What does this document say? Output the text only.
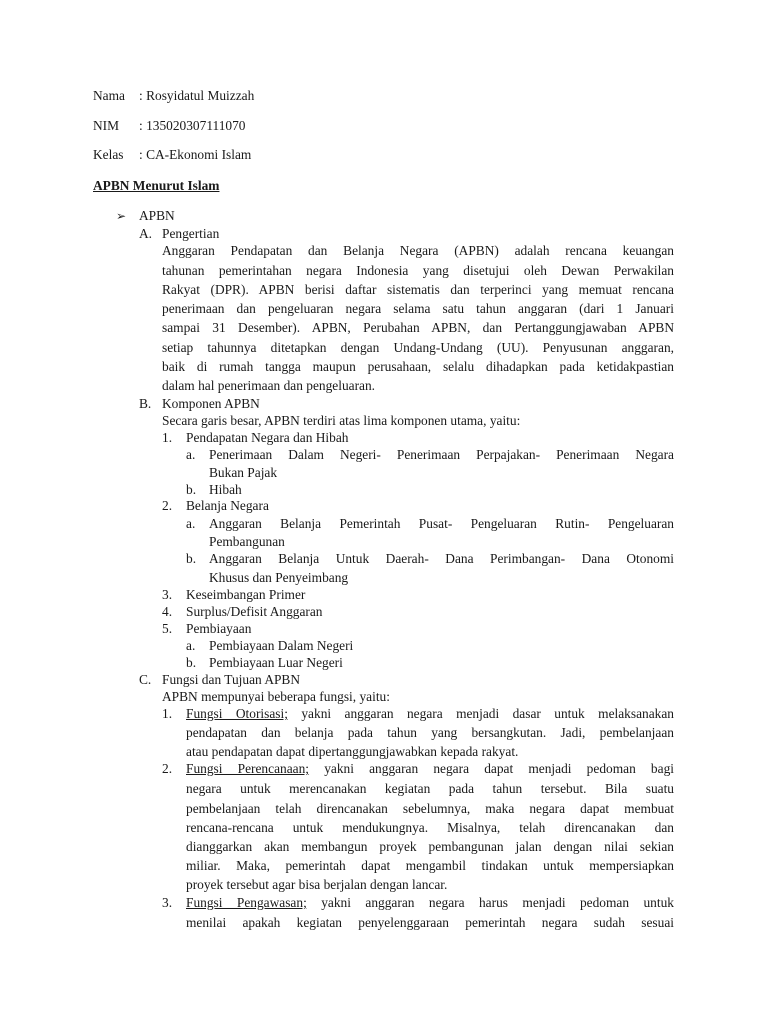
Nama : Rosyidatul Muizzah
NIM : 135020307111070
Kelas : CA-Ekonomi Islam
APBN Menurut Islam
➢ APBN
A. Pengertian
Anggaran Pendapatan dan Belanja Negara (APBN) adalah rencana keuangan
tahunan pemerintahan negara Indonesia yang disetujui oleh Dewan Perwakilan
Rakyat (DPR). APBN berisi daftar sistematis dan terperinci yang memuat rencana
penerimaan dan pengeluaran negara selama satu tahun anggaran (dari 1 Januari
sampai 31 Desember). APBN, Perubahan APBN, dan Pertanggungjawaban APBN
setiap tahunnya ditetapkan dengan Undang-Undang (UU). Penyusunan anggaran,
baik di rumah tangga maupun perusahaan, selalu dihadapkan pada ketidakpastian
dalam hal penerimaan dan pengeluaran.
B. Komponen APBN
Secara garis besar, APBN terdiri atas lima komponen utama, yaitu:
1. Pendapatan Negara dan Hibah
a. Penerimaan Dalam Negeri- Penerimaan Perpajakan- Penerimaan Negara
Bukan Pajak
b. Hibah
2. Belanja Negara
a. Anggaran Belanja Pemerintah Pusat- Pengeluaran Rutin- Pengeluaran
Pembangunan
b. Anggaran Belanja Untuk Daerah- Dana Perimbangan- Dana Otonomi
Khusus dan Penyeimbang
3. Keseimbangan Primer
4. Surplus/Defisit Anggaran
5. Pembiayaan
a. Pembiayaan Dalam Negeri
b. Pembiayaan Luar Negeri
C. Fungsi dan Tujuan APBN
APBN mempunyai beberapa fungsi, yaitu:
1. Fungsi Otorisasi; yakni anggaran negara menjadi dasar untuk melaksanakan
pendapatan dan belanja pada tahun yang bersangkutan. Jadi, pembelanjaan
atau pendapatan dapat dipertanggungjawabkan kepada rakyat.
2. Fungsi Perencanaan; yakni anggaran negara dapat menjadi pedoman bagi
negara untuk merencanakan kegiatan pada tahun tersebut. Bila suatu
pembelanjaan telah direncanakan sebelumnya, maka negara dapat membuat
rencana-rencana untuk mendukungnya. Misalnya, telah direncanakan dan
dianggarkan akan membangun proyek pembangunan jalan dengan nilai sekian
miliar. Maka, pemerintah dapat mengambil tindakan untuk mempersiapkan
proyek tersebut agar bisa berjalan dengan lancar.
3. Fungsi Pengawasan; yakni anggaran negara harus menjadi pedoman untuk
menilai apakah kegiatan penyelenggaraan pemerintah negara sudah sesuai
